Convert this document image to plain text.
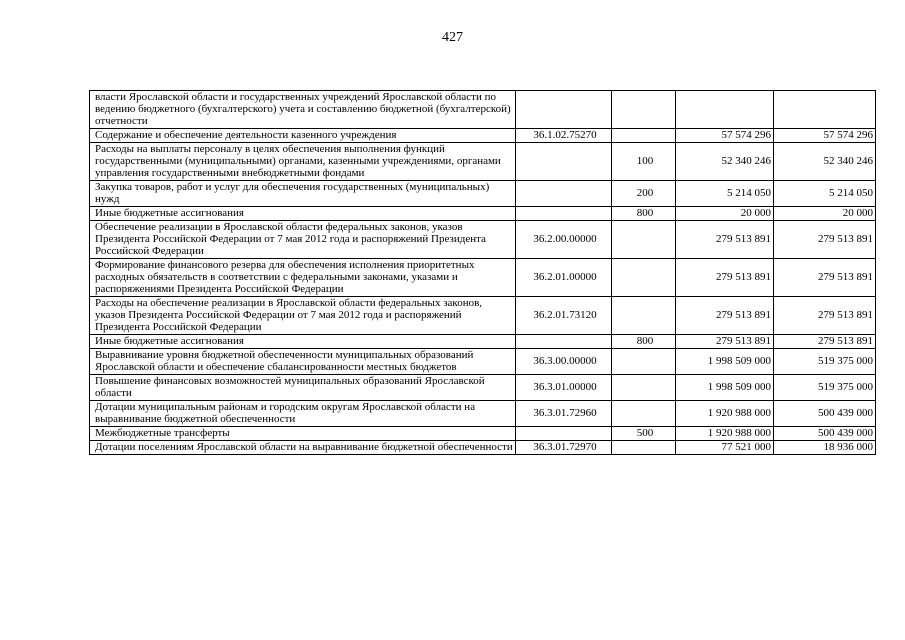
427
власти Ярославской области и государственных учреждений Ярославской области по ведению бюджетного (бухгалтерского) учета и составлению бюджетной (бухгалтерской) отчетности				
Содержание и обеспечение деятельности казенного учреждения	36.1.02.75270		57 574 296	57 574 296
Расходы на выплаты персоналу в целях обеспечения выполнения функций государственными (муниципальными) органами, казенными учреждениями, органами управления государственными внебюджетными фондами		100	52 340 246	52 340 246
Закупка товаров, работ и услуг для обеспечения государственных (муниципальных) нужд		200	5 214 050	5 214 050
Иные бюджетные ассигнования		800	20 000	20 000
Обеспечение реализации в Ярославской области федеральных законов, указов Президента Российской Федерации от 7 мая 2012 года и распоряжений Президента Российской Федерации	36.2.00.00000		279 513 891	279 513 891
Формирование финансового резерва для обеспечения исполнения приоритетных расходных обязательств в соответствии с федеральными законами, указами и распоряжениями Президента Российской Федерации	36.2.01.00000		279 513 891	279 513 891
Расходы на обеспечение реализации в Ярославской области федеральных законов, указов Президента Российской Федерации от 7 мая 2012 года и распоряжений Президента Российской Федерации	36.2.01.73120		279 513 891	279 513 891
Иные бюджетные ассигнования		800	279 513 891	279 513 891
Выравнивание уровня бюджетной обеспеченности муниципальных образований Ярославской области и обеспечение сбалансированности местных бюджетов	36.3.00.00000		1 998 509 000	519 375 000
Повышение финансовых возможностей муниципальных образований Ярославской области	36.3.01.00000		1 998 509 000	519 375 000
Дотации муниципальным районам и городским округам Ярославской области на выравнивание бюджетной обеспеченности	36.3.01.72960		1 920 988 000	500 439 000
Межбюджетные трансферты		500	1 920 988 000	500 439 000
Дотации поселениям Ярославской области на выравнивание бюджетной обеспеченности	36.3.01.72970		77 521 000	18 936 000
